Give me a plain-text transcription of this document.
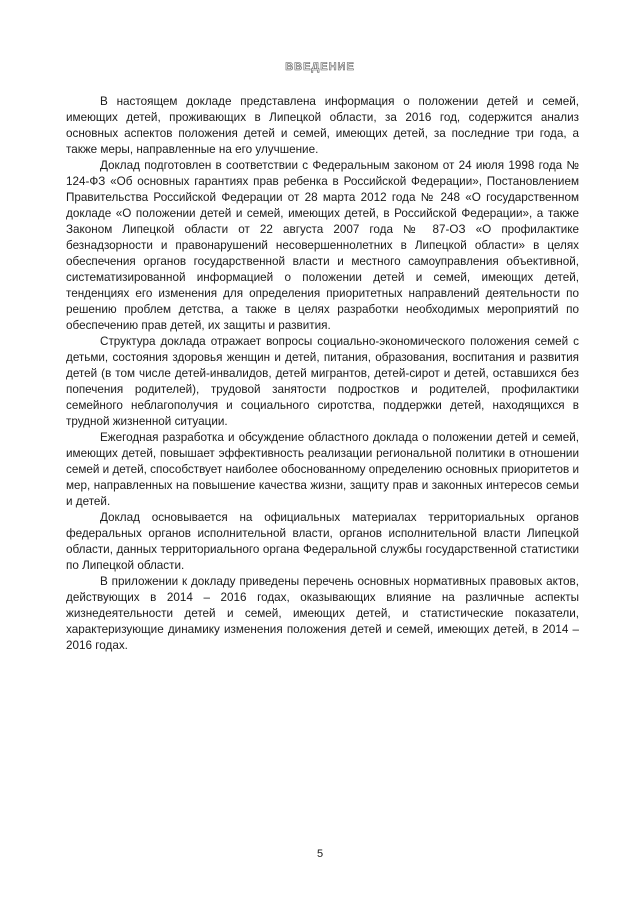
ВВЕДЕНИЕ

В настоящем докладе представлена информация о положении детей и семей, имеющих детей, проживающих в Липецкой области, за 2016 год, содержится анализ основных аспектов положения детей и семей, имеющих детей, за последние три года, а также меры, направленные на его улучшение.

Доклад подготовлен в соответствии с Федеральным законом от 24 июля 1998 года № 124-ФЗ «Об основных гарантиях прав ребенка в Российской Федерации», Постановлением Правительства Российской Федерации от 28 марта 2012 года № 248 «О государственном докладе «О положении детей и семей, имеющих детей, в Российской Федерации», а также Законом Липецкой области от 22 августа 2007 года № 87-ОЗ «О профилактике безнадзорности и правонарушений несовершеннолетних в Липецкой области» в целях обеспечения органов государственной власти и местного самоуправления объективной, систематизированной информацией о положении детей и семей, имеющих детей, тенденциях его изменения для определения приоритетных направлений деятельности по решению проблем детства, а также в целях разработки необходимых мероприятий по обеспечению прав детей, их защиты и развития.

Структура доклада отражает вопросы социально-экономического положения семей с детьми, состояния здоровья женщин и детей, питания, образования, воспитания и развития детей (в том числе детей-инвалидов, детей мигрантов, детей-сирот и детей, оставшихся без попечения родителей), трудовой занятости подростков и родителей, профилактики семейного неблагополучия и социального сиротства, поддержки детей, находящихся в трудной жизненной ситуации.

Ежегодная разработка и обсуждение областного доклада о положении детей и семей, имеющих детей, повышает эффективность реализации региональной политики в отношении семей и детей, способствует наиболее обоснованному определению основных приоритетов и мер, направленных на повышение качества жизни, защиту прав и законных интересов семьи и детей.

Доклад основывается на официальных материалах территориальных органов федеральных органов исполнительной власти, органов исполнительной власти Липецкой области, данных территориального органа Федеральной службы государственной статистики по Липецкой области.

В приложении к докладу приведены перечень основных нормативных правовых актов, действующих в 2014 – 2016 годах, оказывающих влияние на различные аспекты жизнедеятельности детей и семей, имеющих детей, и статистические показатели, характеризующие динамику изменения положения детей и семей, имеющих детей, в 2014 – 2016 годах.

5
